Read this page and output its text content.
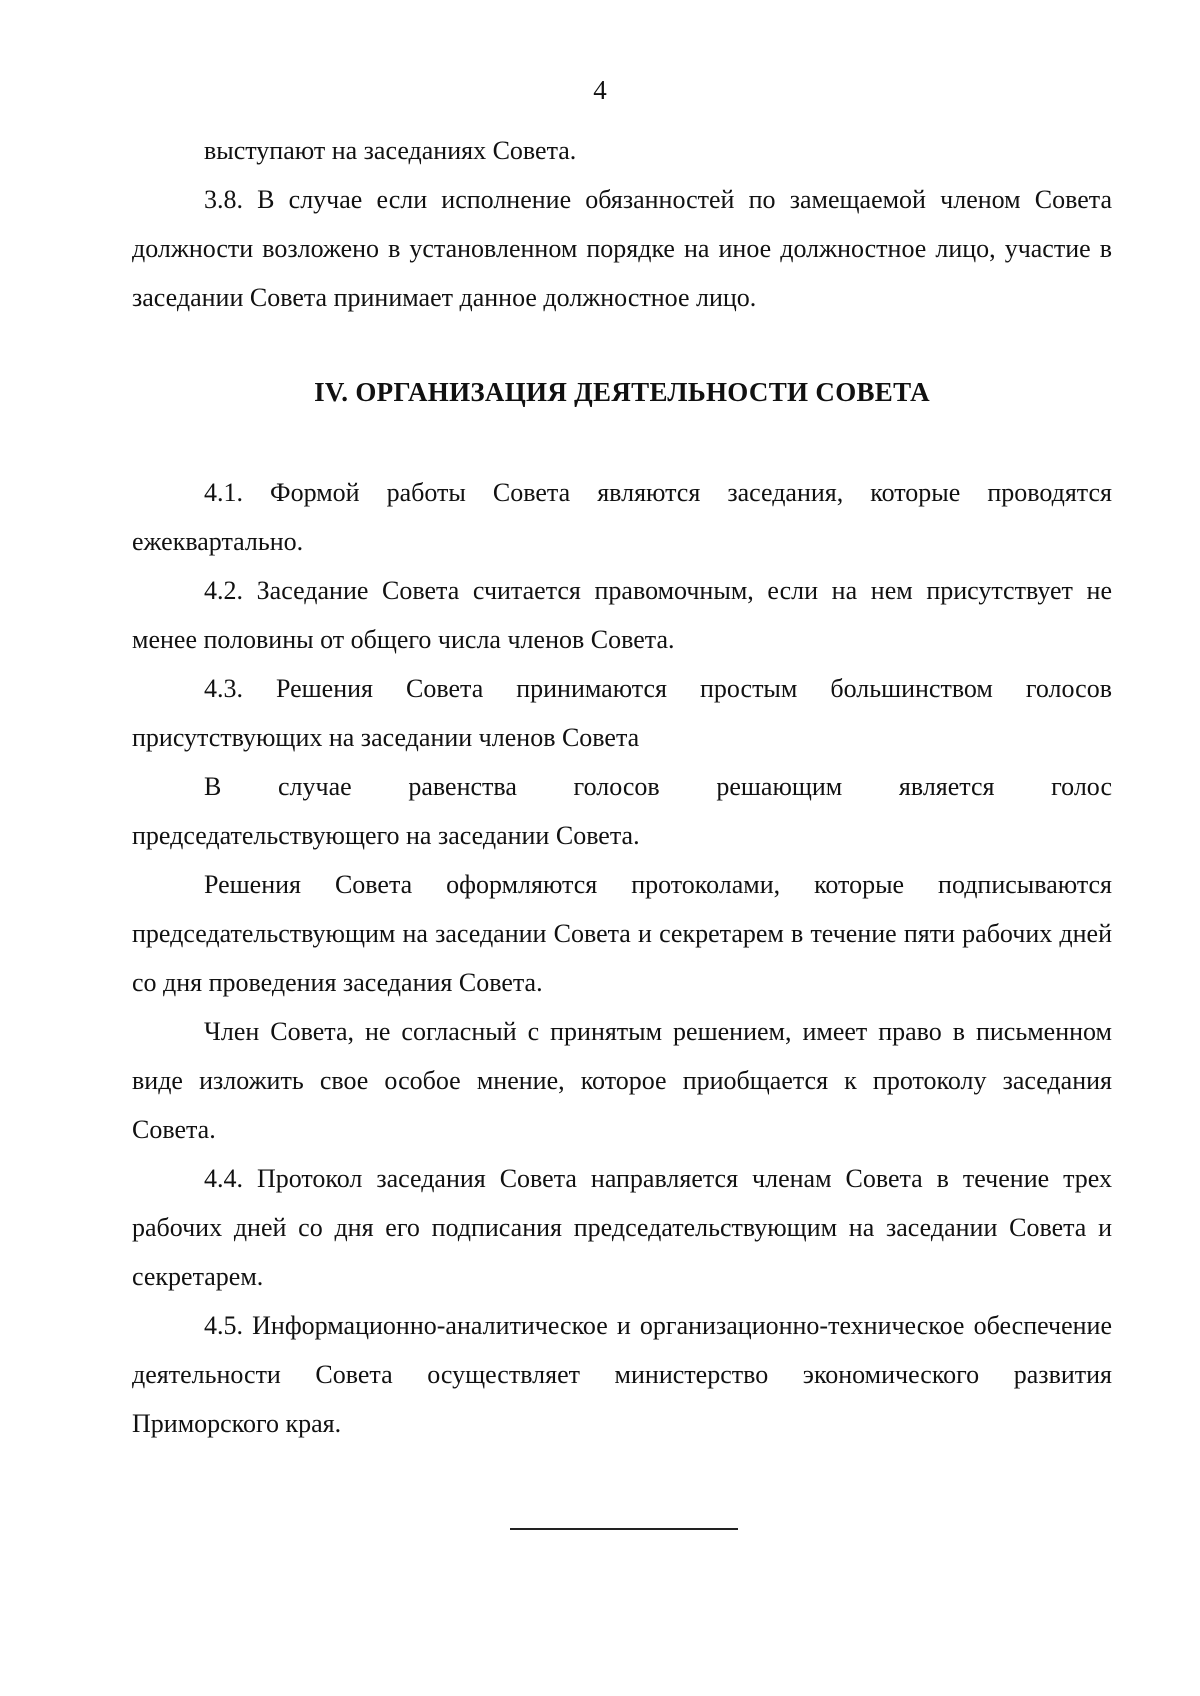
4

выступают на заседаниях Совета.

3.8. В случае если исполнение обязанностей по замещаемой членом Совета должности возложено в установленном порядке на иное должностное лицо, участие в заседании Совета принимает данное должностное лицо.

IV. ОРГАНИЗАЦИЯ ДЕЯТЕЛЬНОСТИ СОВЕТА

4.1. Формой работы Совета являются заседания, которые проводятся ежеквартально.

4.2. Заседание Совета считается правомочным, если на нем присутствует не менее половины от общего числа членов Совета.

4.3. Решения Совета принимаются простым большинством голосов присутствующих на заседании членов Совета

В случае равенства голосов решающим является голос

председательствующего на заседании Совета.

Решения Совета оформляются протоколами, которые подписываются председательствующим на заседании Совета и секретарем в течение пяти рабочих дней со дня проведения заседания Совета.

Член Совета, не согласный с принятым решением, имеет право в письменном виде изложить свое особое мнение, которое приобщается к протоколу заседания Совета.

4.4. Протокол заседания Совета направляется членам Совета в течение трех рабочих дней со дня его подписания председательствующим на заседании Совета и секретарем.

4.5. Информационно-аналитическое и организационно-техническое обеспечение деятельности Совета осуществляет министерство экономического развития Приморского края.
